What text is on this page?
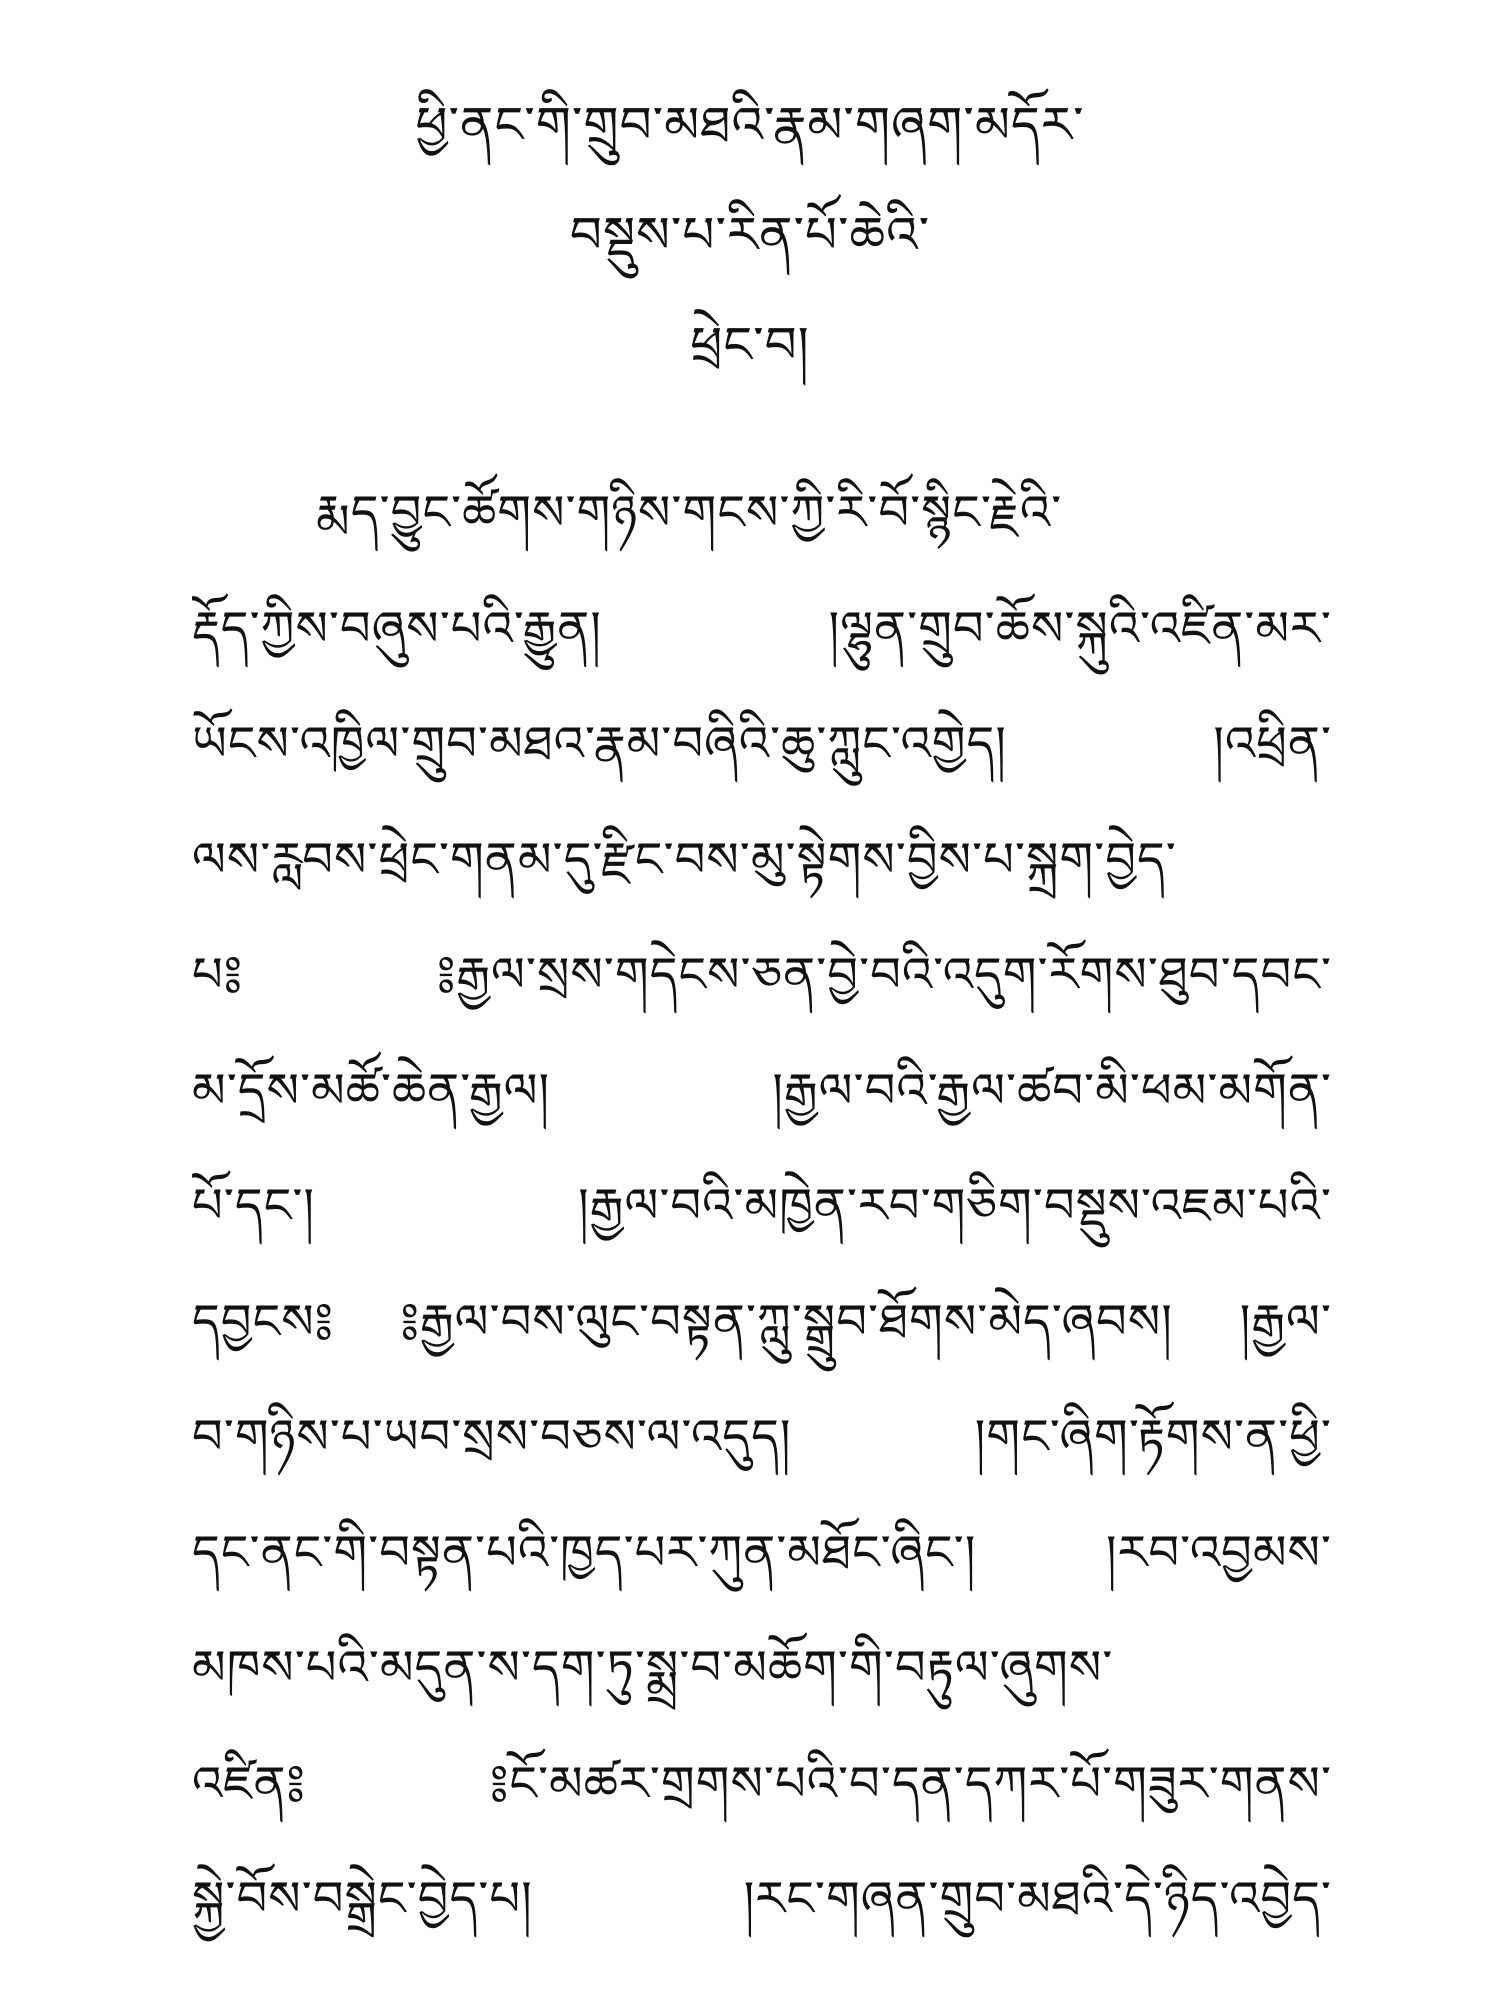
ཕྱི་ནང་གི་གྲུབ་མཐའི་རྣམ་གཞག་མདོར་
བསྡུས་པ་རིན་པོ་ཆེའི་
ཕྲེང་བ།
རྨད་བྱུང་ཚོགས་གཉིས་གངས་ཀྱི་རི་བོ་སྙིང་རྗེའི་
རྡོད་ཀྱིས་བཞུས་པའི་རྒྱུན། །ལྷུན་གྲུབ་ཆོས་སྐུའི་འཛིན་མར་
ཡོངས་འཁྱིལ་གྲུབ་མཐའ་རྣམ་བཞིའི་ཆུ་ཀླུང་འགྱེད། །འཕྲིན་
ལས་རླབས་ཕྲེང་གནམ་དུ་རྫིང་བས་མུ་སྟེགས་བྱིས་པ་སྐྲག་བྱེད་
པ༔ ༔རྒྱལ་སྲས་གདེངས་ཅན་བྱེ་བའི་འདུག་རོགས་ཐུབ་དབང་
མ་དྲོས་མཚོ་ཆེན་རྒྱལ། །རྒྱལ་བའི་རྒྱལ་ཚབ་མི་ཕམ་མགོན་
པོ་དང་། །རྒྱལ་བའི་མཁྱེན་རབ་གཅིག་བསྡུས་འཇམ་པའི་
དབྱངས༔ ༔རྒྱལ་བས་ལུང་བསྟན་ཀླུ་སྒྲུབ་ཐོགས་མེད་ཞབས། །རྒྱལ་
བ་གཉིས་པ་ཡབ་སྲས་བཅས་ལ་འདུད། །གང་ཞིག་རྟོགས་ན་ཕྱི་
དང་ནང་གི་བསྟན་པའི་ཁྱད་པར་ཀུན་མཐོང་ཞིང་། །རབ་འབྱམས་
མཁས་པའི་མདུན་ས་དག་ཏུ་སྨྲ་བ་མཆོག་གི་བརྟུལ་ཞུགས་
འཛིན༔ ༔ངོ་མཚར་གྲགས་པའི་བ་དན་དཀར་པོ་གཟུར་གནས་
སྐྱེ་བོས་བསྒྲེང་བྱེད་པ། །རང་གཞན་གྲུབ་མཐའི་དེ་ཉིད་འབྱེད་
